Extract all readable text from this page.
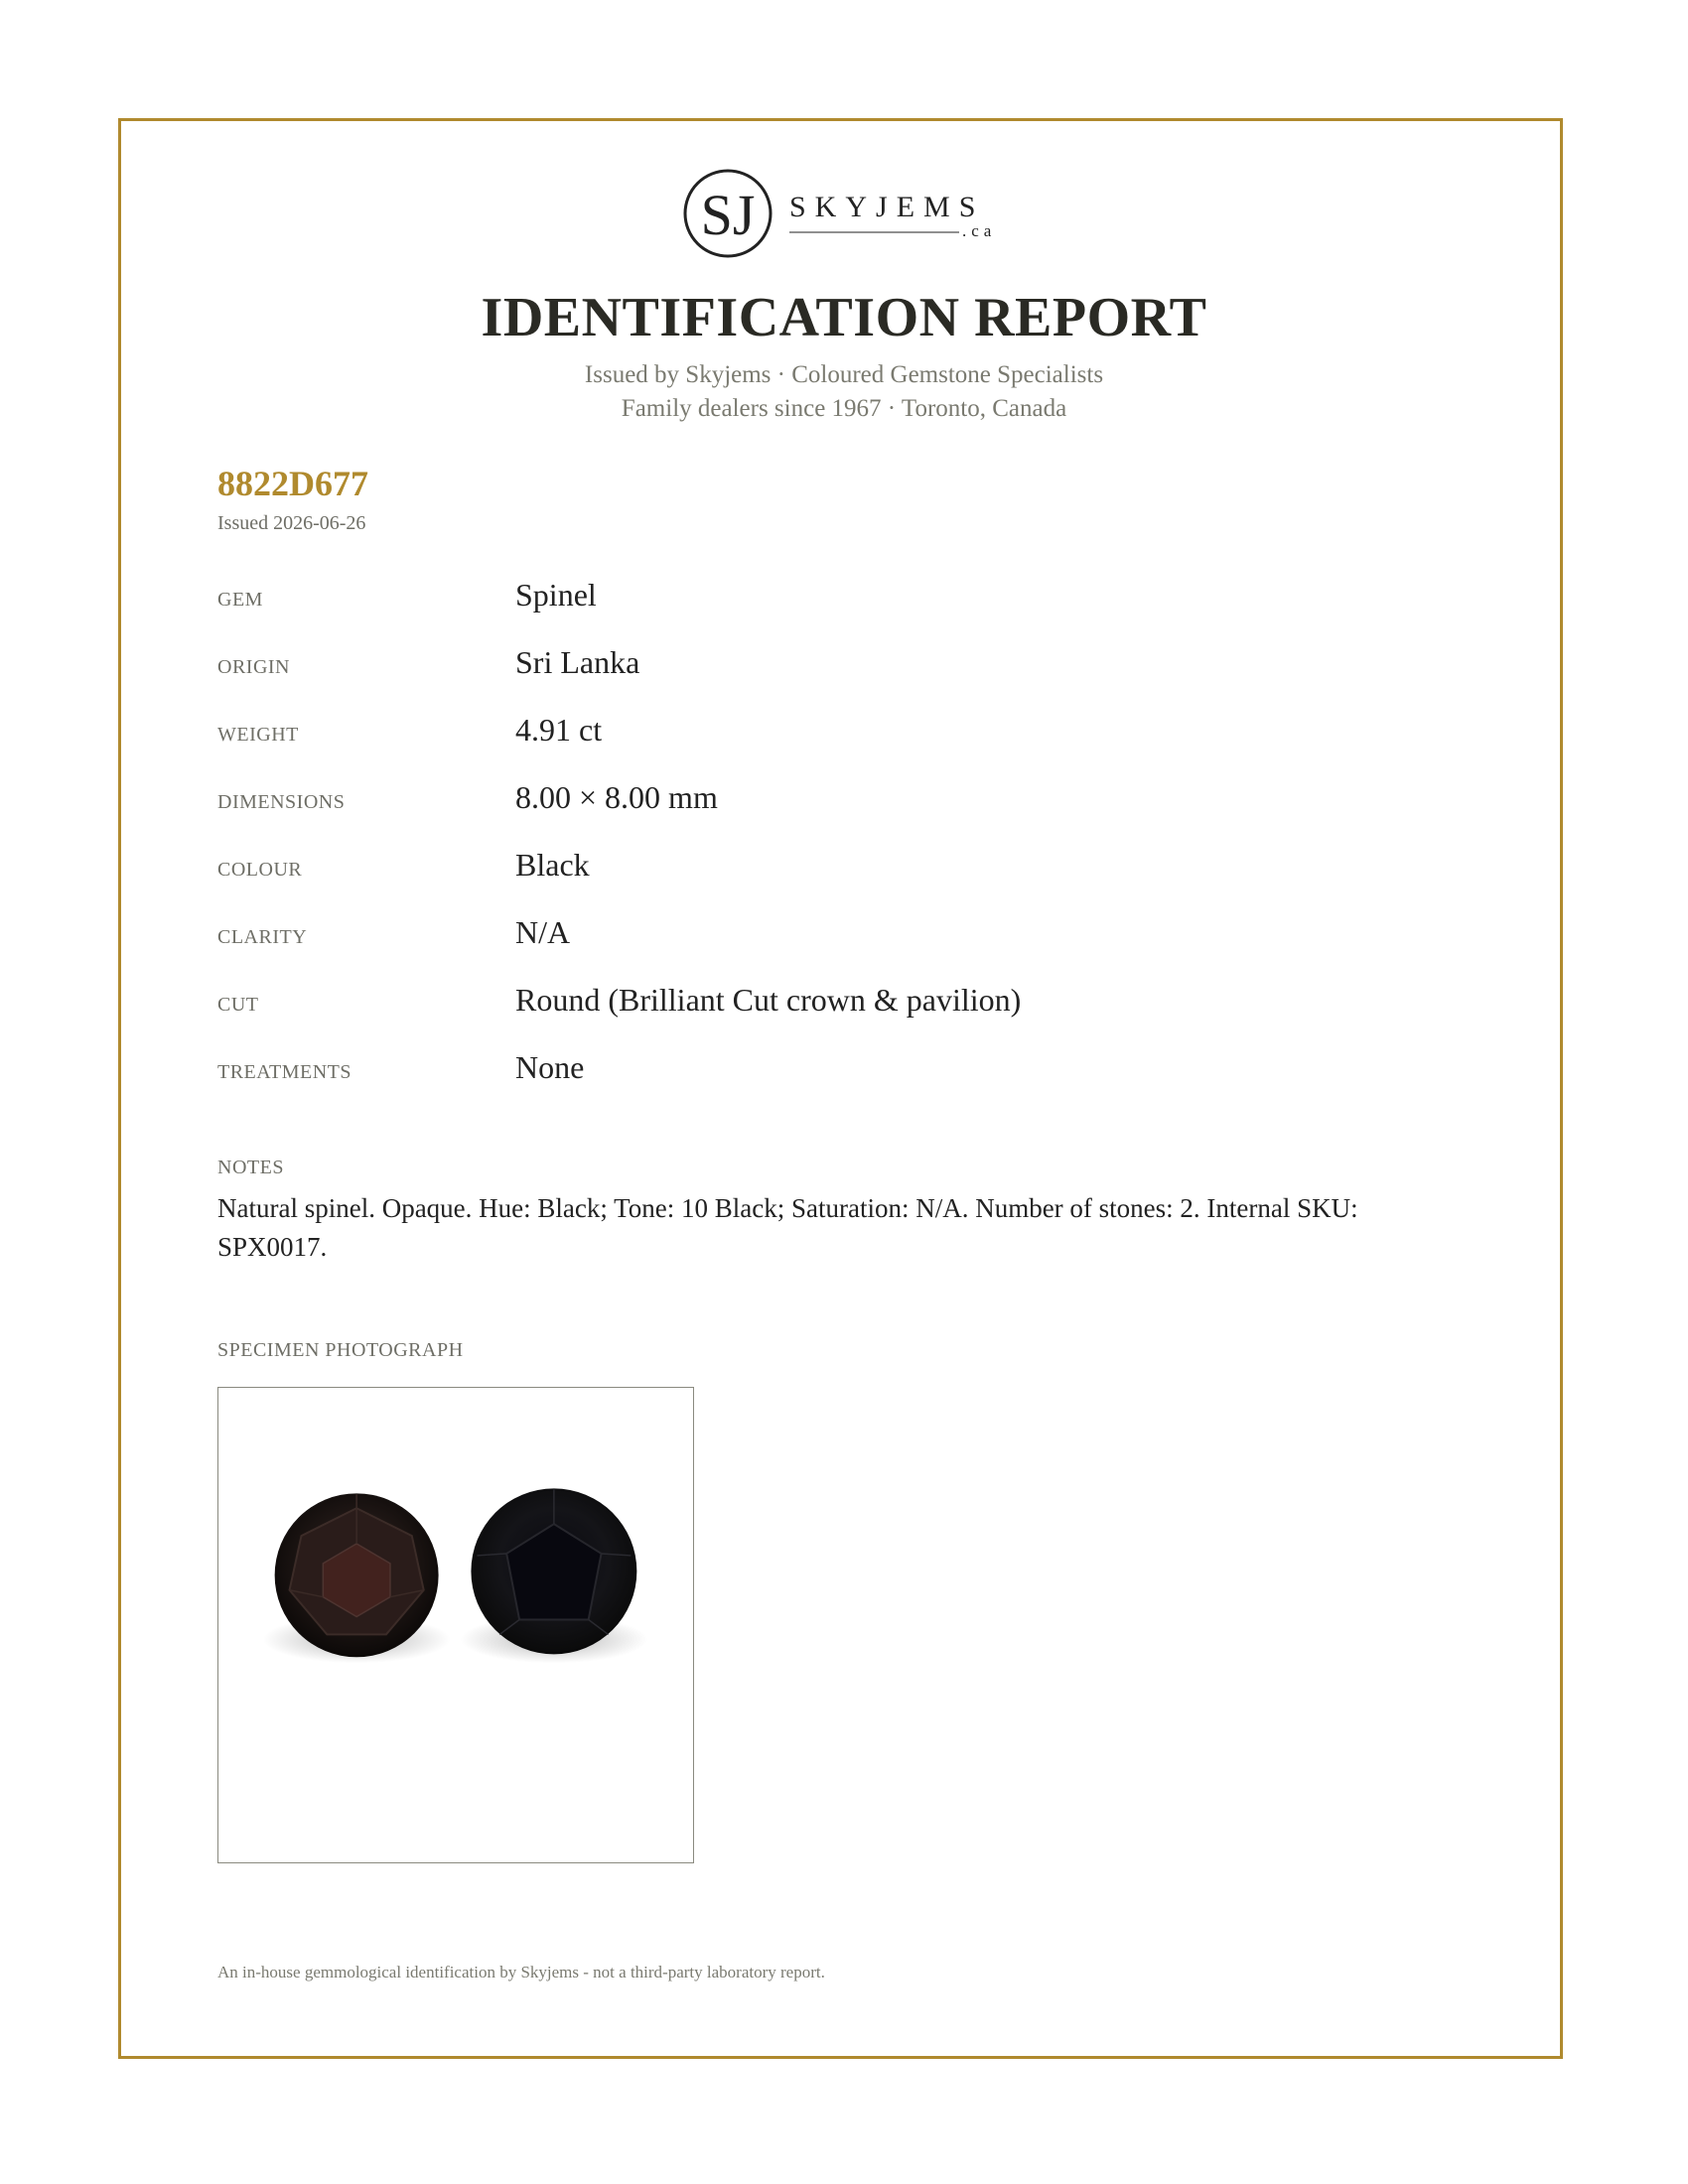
SJ SKYJEMS
.ca
IDENTIFICATION REPORT
Issued by Skyjems · Coloured Gemstone Specialists
Family dealers since 1967 · Toronto, Canada
8822D677
Issued 2026-06-26
GEM	Spinel
ORIGIN	Sri Lanka
WEIGHT	4.91 ct
DIMENSIONS	8.00 × 8.00 mm
COLOUR	Black
CLARITY	N/A
CUT	Round (Brilliant Cut crown & pavilion)
TREATMENTS	None
NOTES
Natural spinel. Opaque. Hue: Black; Tone: 10 Black; Saturation: N/A. Number of stones: 2. Internal SKU: SPX0017.
SPECIMEN PHOTOGRAPH
An in-house gemmological identification by Skyjems - not a third-party laboratory report.
